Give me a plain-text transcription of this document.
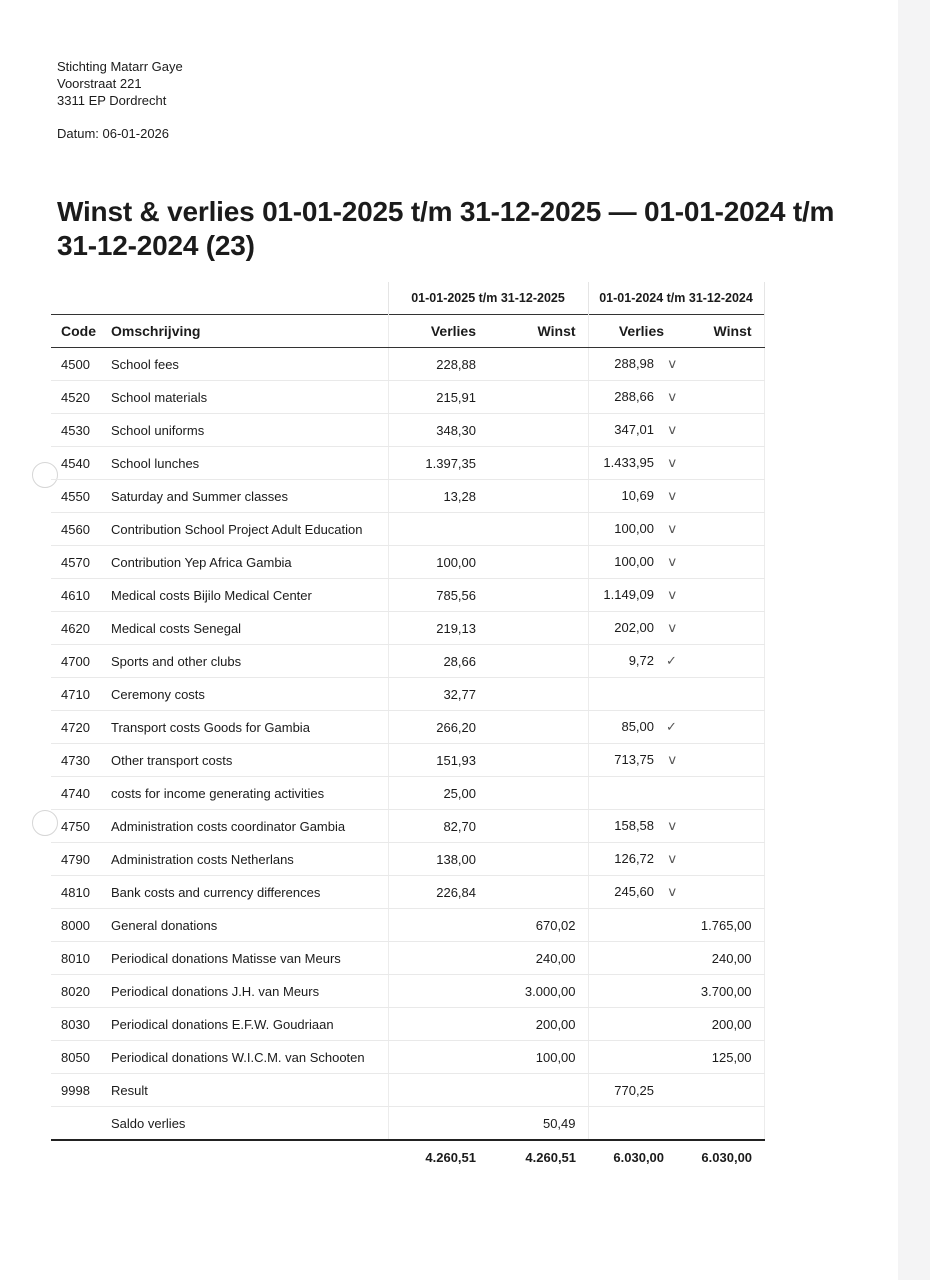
Stichting Matarr Gaye
Voorstraat 221
3311 EP Dordrecht
Datum: 06-01-2026
Winst & verlies 01-01-2025 t/m 31-12-2025 — 01-01-2024 t/m 31-12-2024 (23)
		01-01-2025 t/m 31-12-2025		01-01-2024 t/m 31-12-2024	
Code	Omschrijving	Verlies	Winst	Verlies	Winst
4500	School fees	228,88		288,98 v	
4520	School materials	215,91		288,66 v	
4530	School uniforms	348,30		347,01 v	
4540	School lunches	1.397,35		1.433,95 v	
4550	Saturday and Summer classes	13,28		10,69 v	
4560	Contribution School Project Adult Education			100,00 v	
4570	Contribution Yep Africa Gambia	100,00		100,00 v	
4610	Medical costs Bijilo Medical Center	785,56		1.149,09 v	
4620	Medical costs Senegal	219,13		202,00 v	
4700	Sports and other clubs	28,66		9,72 ✓	
4710	Ceremony costs	32,77			
4720	Transport costs Goods for Gambia	266,20		85,00 ✓	
4730	Other transport costs	151,93		713,75 v	
4740	costs for income generating activities	25,00			
4750	Administration costs coordinator Gambia	82,70		158,58 v	
4790	Administration costs Netherlans	138,00		126,72 v	
4810	Bank costs and currency differences	226,84		245,60 v	
8000	General donations		670,02		1.765,00
8010	Periodical donations Matisse van Meurs		240,00		240,00
8020	Periodical donations J.H. van Meurs		3.000,00		3.700,00
8030	Periodical donations E.F.W. Goudriaan		200,00		200,00
8050	Periodical donations W.I.C.M. van Schooten		100,00		125,00
9998	Result			770,25	
	Saldo verlies		50,49		
		4.260,51	4.260,51	6.030,00	6.030,00
